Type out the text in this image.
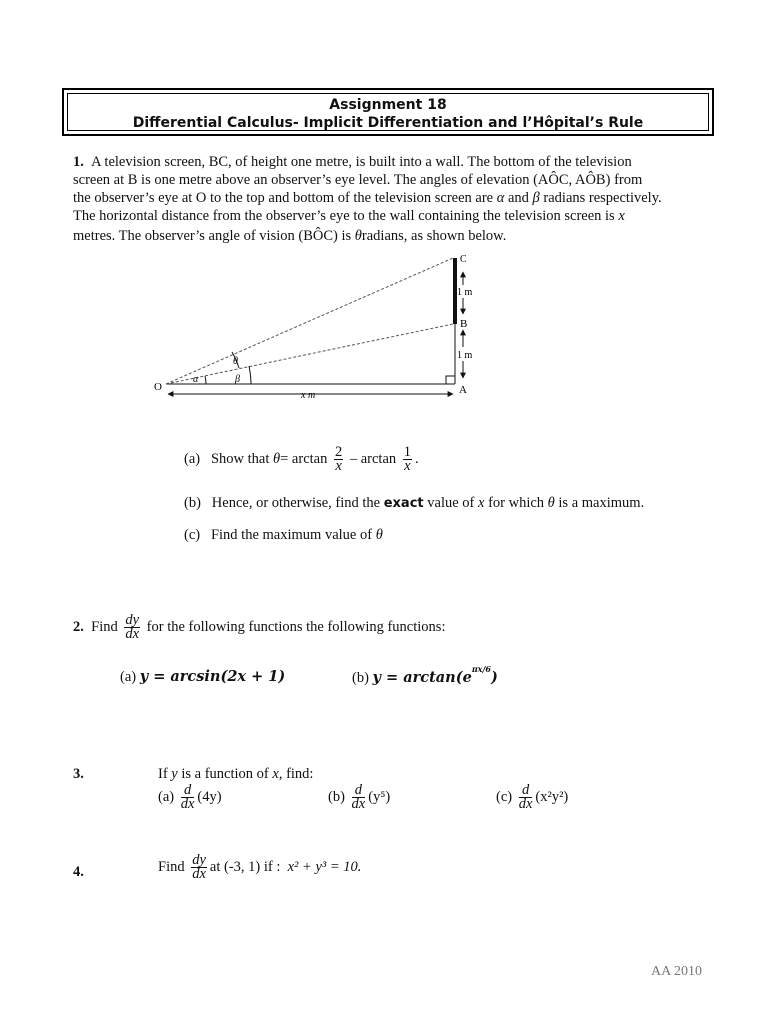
Assignment 18
Differential Calculus- Implicit Differentiation and l’Hôpital’s Rule
1. A television screen, BC, of height one metre, is built into a wall. The bottom of the television
screen at B is one metre above an observer’s eye level. The angles of elevation (AÔC, AÔB) from
the observer’s eye at O to the top and bottom of the television screen are α and β radians respectively.
The horizontal distance from the observer’s eye to the wall containing the television screen is x
metres. The observer’s angle of vision (BÔC) is θradians, as shown below.
O	A
B
C
1 m
1 m
x m
θ
α	β
(a) Show that $\theta= \arctan \frac{2}{x} - \arctan \frac{1}{x}$ .
(b) Hence, or otherwise, find the exact value of x for which θ is a maximum.
(c) Find the maximum value of θ
2. Find $\frac{dy}{dx}$ for the following functions the following functions:
(a) y = arcsin(2x + 1)	(b) $y = \arctan(e^{\pi x/6})$
3.	If y is a function of x, find:
$(a) \frac{d}{dx} (4y)$	$(b) \frac{d}{dx} (y^5)$	$(c) \frac{d}{dx} (x^2y^2)$
4.	Find $\frac{dy}{dx}$ at (-3, 1) if : x² + y³ = 10.
AA 2010
